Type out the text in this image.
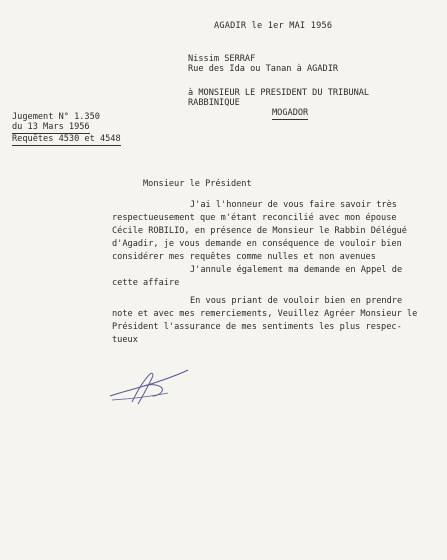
AGADIR le 1er MAI 1956
Nissim SERRAF
Rue des Ida ou Tanan à AGADIR
à MONSIEUR LE PRESIDENT DU TRIBUNAL
RABBINIQUE
MOGADOR
Jugement N° 1.350
du 13 Mars 1956
Requêtes 4530 et 4548
Monsieur le Président
J'ai l'honneur de vous faire savoir très
respectueusement que m'étant reconcilié avec mon épouse
Cécile ROBILIO, en présence de Monsieur le Rabbin Délégué
d'Agadir, je vous demande en conséquence de vouloir bien
considérer mes requêtes comme nulles et non avenues
J'annule également ma demande en Appel de
cette affaire
En vous priant de vouloir bien en prendre
note et avec mes remerciements, Veuillez Agréer Monsieur le
Président l'assurance de mes sentiments les plus respec-
tueux
